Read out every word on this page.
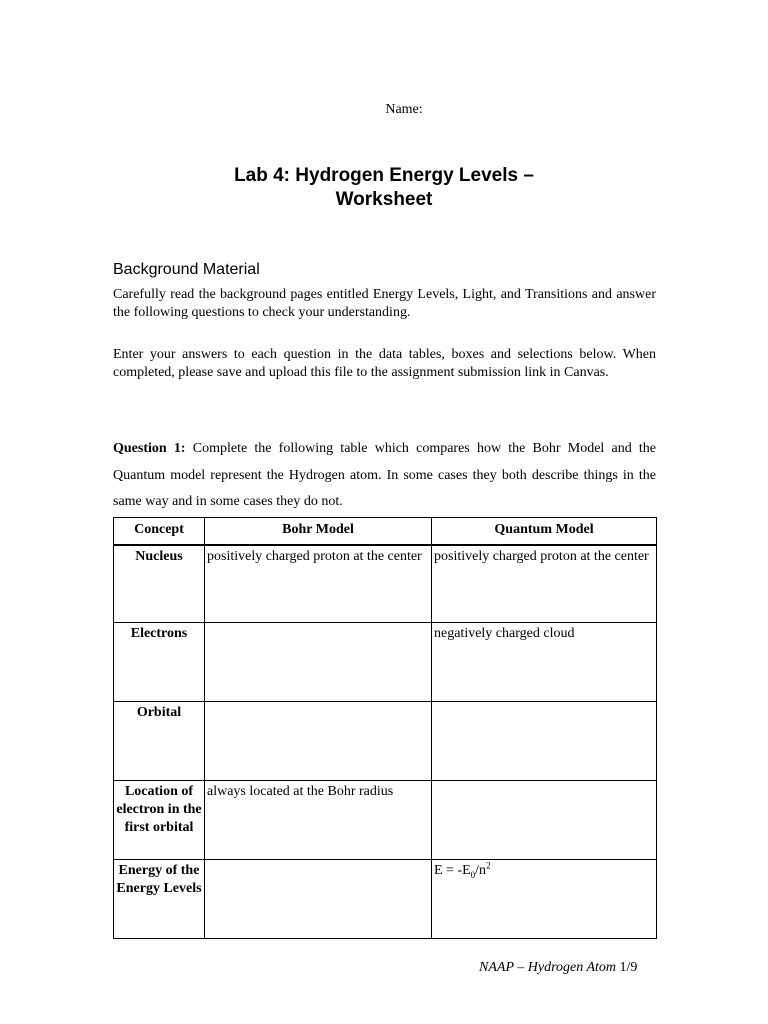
Name:
Lab 4: Hydrogen Energy Levels –
Worksheet
Background Material

Carefully read the background pages entitled Energy Levels, Light, and Transitions and answer the following questions to check your understanding.

Enter your answers to each question in the data tables, boxes and selections below. When completed, please save and upload this file to the assignment submission link in Canvas.

Question 1: Complete the following table which compares how the Bohr Model and the Quantum model represent the Hydrogen atom. In some cases they both describe things in the same way and in some cases they do not.

Concept	Bohr Model	Quantum Model
Nucleus	positively charged proton at the center	positively charged proton at the center
Electrons		negatively charged cloud
Orbital		
Location of electron in the first orbital	always located at the Bohr radius	
Energy of the Energy Levels		$E = -E_0/n^2$
NAAP – Hydrogen Atom 1/9
